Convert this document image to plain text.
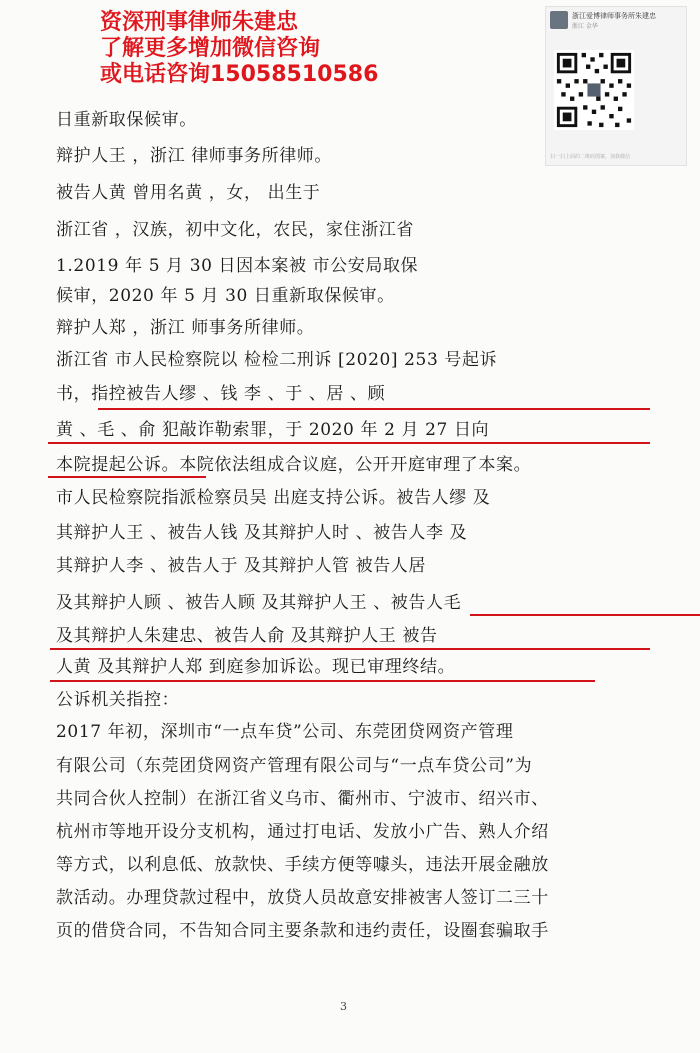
资深刑事律师朱建忠
了解更多增加微信咨询
或电话咨询15058510586
浙江爱博律师事务所朱建忠
浙江 金华
扫一扫上面的二维码图案，加我微信
日重新取保候审。
辩护人王 ，浙江 律师事务所律师。
被告人黄 曾用名黄 ，女， 出生于
浙江省 ，汉族，初中文化，农民，家住浙江省
1.2019 年 5 月 30 日因本案被 市公安局取保
候审，2020 年 5 月 30 日重新取保候审。
辩护人郑 ，浙江 师事务所律师。
浙江省 市人民检察院以 检检二刑诉 [2020] 253 号起诉
书，指控被告人缪 、钱 李 、于 、居 、顾
黄 、毛 、俞 犯敲诈勒索罪，于 2020 年 2 月 27 日向
本院提起公诉。本院依法组成合议庭，公开开庭审理了本案。
市人民检察院指派检察员吴 出庭支持公诉。被告人缪 及
其辩护人王 、被告人钱 及其辩护人时 、被告人李 及
其辩护人李 、被告人于 及其辩护人管 被告人居
及其辩护人顾 、被告人顾 及其辩护人王 、被告人毛
及其辩护人朱建忠、被告人俞 及其辩护人王 被告
人黄 及其辩护人郑 到庭参加诉讼。现已审理终结。
公诉机关指控：
2017 年初，深圳市“一点车贷”公司、东莞团贷网资产管理
有限公司（东莞团贷网资产管理有限公司与“一点车贷公司”为
共同合伙人控制）在浙江省义乌市、衢州市、宁波市、绍兴市、
杭州市等地开设分支机构，通过打电话、发放小广告、熟人介绍
等方式，以利息低、放款快、手续方便等噱头，违法开展金融放
款活动。办理贷款过程中，放贷人员故意安排被害人签订二三十
页的借贷合同，不告知合同主要条款和违约责任，设圈套骗取手
3
